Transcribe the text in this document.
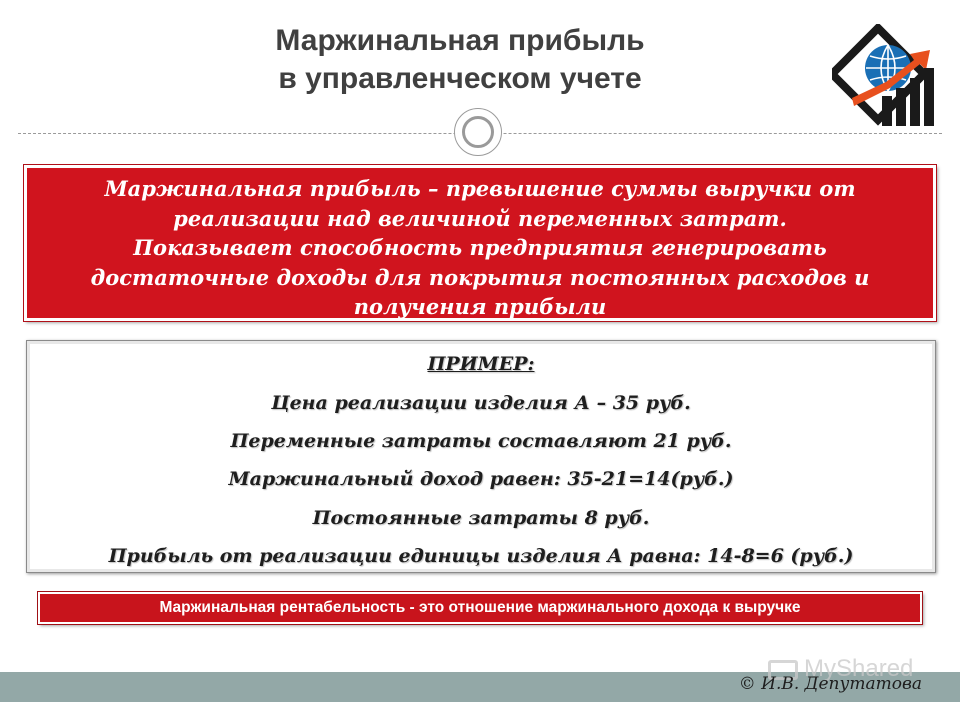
Маржинальная прибыль
в управленческом учете

Маржинальная прибыль – превышение суммы выручки от

реализации над величиной переменных затрат.

Показывает способность предприятия генерировать

достаточные доходы для покрытия постоянных расходов и

получения прибыли

ПРИМЕР:
Цена реализации изделия А – 35 руб.
Переменные затраты составляют 21 руб.
Маржинальный доход равен: 35-21=14(руб.)
Постоянные затраты 8 руб.
Прибыль от реализации единицы изделия А равна: 14-8=6 (руб.)
Маржинальная рентабельность - это отношение маржинального дохода к выручке
MyShared
© И.В. Депутатова
